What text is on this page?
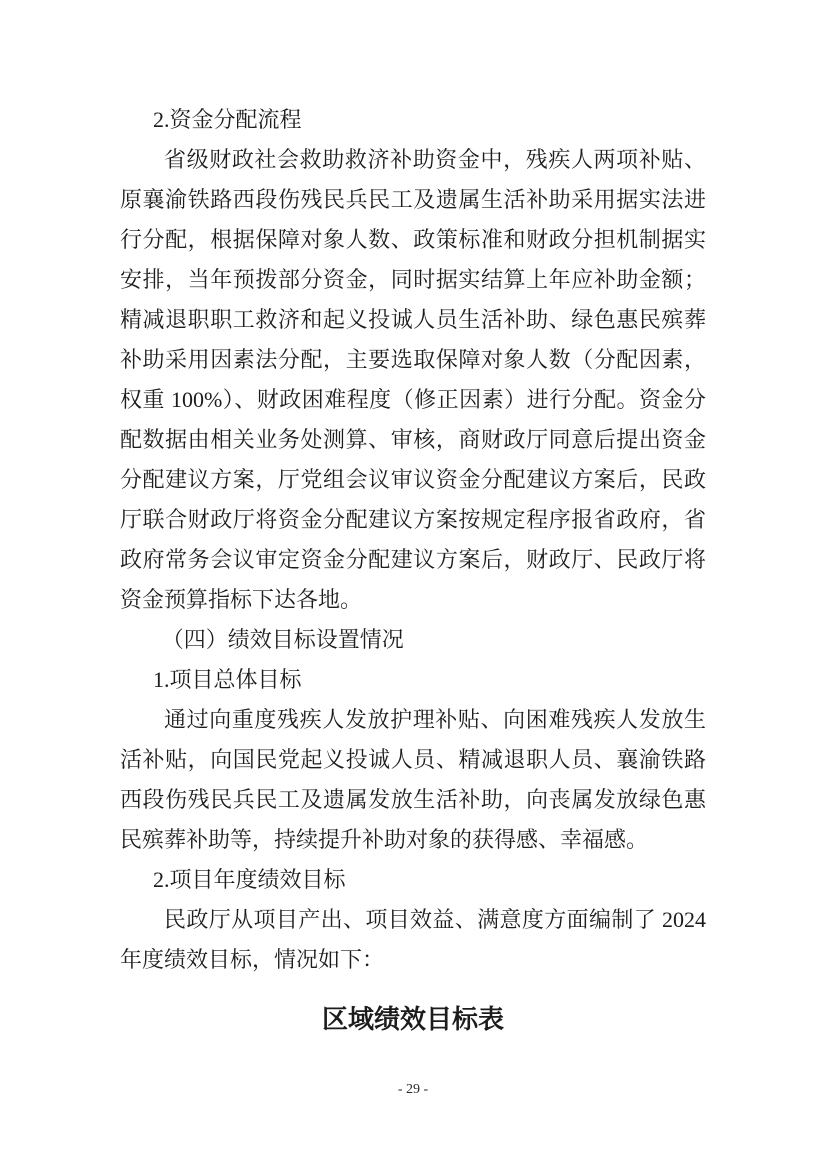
2.资金分配流程

省级财政社会救助救济补助资金中，残疾人两项补贴、原襄渝铁路西段伤残民兵民工及遗属生活补助采用据实法进行分配，根据保障对象人数、政策标准和财政分担机制据实安排，当年预拨部分资金，同时据实结算上年应补助金额；精减退职职工救济和起义投诚人员生活补助、绿色惠民殡葬补助采用因素法分配，主要选取保障对象人数（分配因素，权重 100%）、财政困难程度（修正因素）进行分配。资金分配数据由相关业务处测算、审核，商财政厅同意后提出资金分配建议方案，厅党组会议审议资金分配建议方案后，民政厅联合财政厅将资金分配建议方案按规定程序报省政府，省政府常务会议审定资金分配建议方案后，财政厅、民政厅将资金预算指标下达各地。

（四）绩效目标设置情况
1.项目总体目标

通过向重度残疾人发放护理补贴、向困难残疾人发放生活补贴，向国民党起义投诚人员、精减退职人员、襄渝铁路西段伤残民兵民工及遗属发放生活补助，向丧属发放绿色惠民殡葬补助等，持续提升补助对象的获得感、幸福感。

2.项目年度绩效目标

民政厅从项目产出、项目效益、满意度方面编制了 2024 年度绩效目标，情况如下：

区域绩效目标表
- 29 -
